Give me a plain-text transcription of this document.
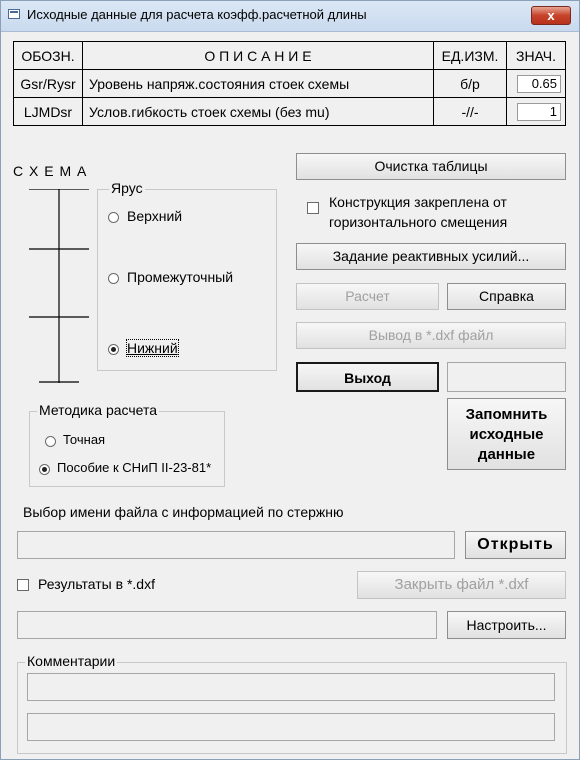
Исходные данные для расчета коэфф.расчетной длины	x
ОБОЗН.	О П И С А Н И Е	ЕД.ИЗМ.	ЗНАЧ.
Gsr/Rysr	Уровень напряж.состояния стоек схемы	б/р	0.65

LJMDsr	Услов.гибкость стоек схемы (без mu)	-//-	1
С Х Е М А
Ярус
Верхний
Промежуточный
Нижний
Очистка таблицы
Конструкция закреплена от
горизонтального смещения
Задание реактивных усилий...
Расчет	Справка
Вывод в *.dxf файл
Выход
Методика расчета
Точная
Пособие к СНиП II-23-81*
Запомнить исходные данные
Выбор имени файла с информацией по стержню
Открыть
Результаты в *.dxf	Закрыть файл *.dxf
Настроить...
Комментарии
